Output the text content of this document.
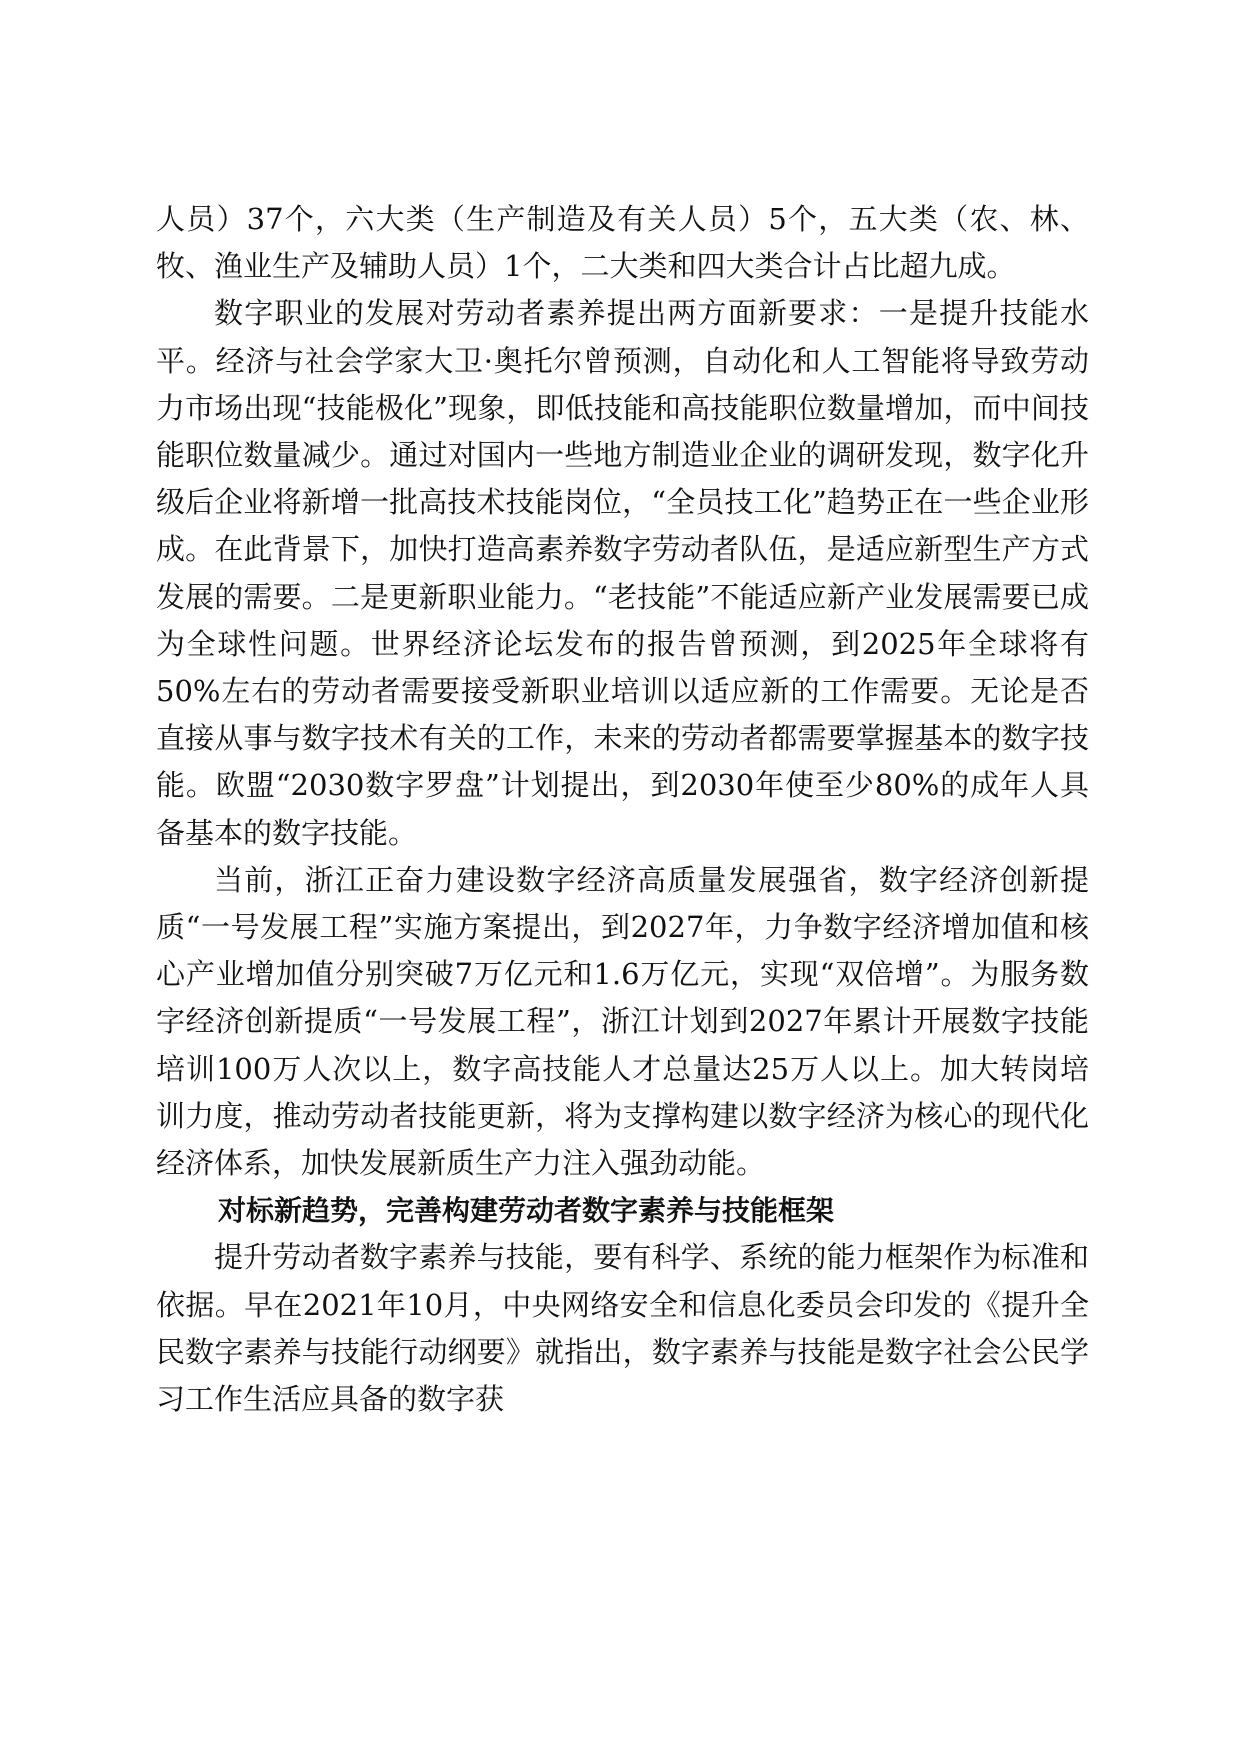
人员）37个，六大类（生产制造及有关人员）5个，五大类（农、林、牧、渔业生产及辅助人员）1个，二大类和四大类合计占比超九成。

数字职业的发展对劳动者素养提出两方面新要求：一是提升技能水平。经济与社会学家大卫·奥托尔曾预测，自动化和人工智能将导致劳动力市场出现“技能极化”现象，即低技能和高技能职位数量增加，而中间技能职位数量减少。通过对国内一些地方制造业企业的调研发现，数字化升级后企业将新增一批高技术技能岗位，“全员技工化”趋势正在一些企业形成。在此背景下，加快打造高素养数字劳动者队伍，是适应新型生产方式发展的需要。二是更新职业能力。“老技能”不能适应新产业发展需要已成为全球性问题。世界经济论坛发布的报告曾预测，到2025年全球将有50%左右的劳动者需要接受新职业培训以适应新的工作需要。无论是否直接从事与数字技术有关的工作，未来的劳动者都需要掌握基本的数字技能。欧盟“2030数字罗盘”计划提出，到2030年使至少80%的成年人具备基本的数字技能。

当前，浙江正奋力建设数字经济高质量发展强省，数字经济创新提质“一号发展工程”实施方案提出，到2027年，力争数字经济增加值和核心产业增加值分别突破7万亿元和1.6万亿元，实现“双倍增”。为服务数字经济创新提质“一号发展工程”，浙江计划到2027年累计开展数字技能培训100万人次以上，数字高技能人才总量达25万人以上。加大转岗培训力度，推动劳动者技能更新，将为支撑构建以数字经济为核心的现代化经济体系，加快发展新质生产力注入强劲动能。

对标新趋势，完善构建劳动者数字素养与技能框架

提升劳动者数字素养与技能，要有科学、系统的能力框架作为标准和依据。早在2021年10月，中央网络安全和信息化委员会印发的《提升全民数字素养与技能行动纲要》就指出，数字素养与技能是数字社会公民学习工作生活应具备的数字获
